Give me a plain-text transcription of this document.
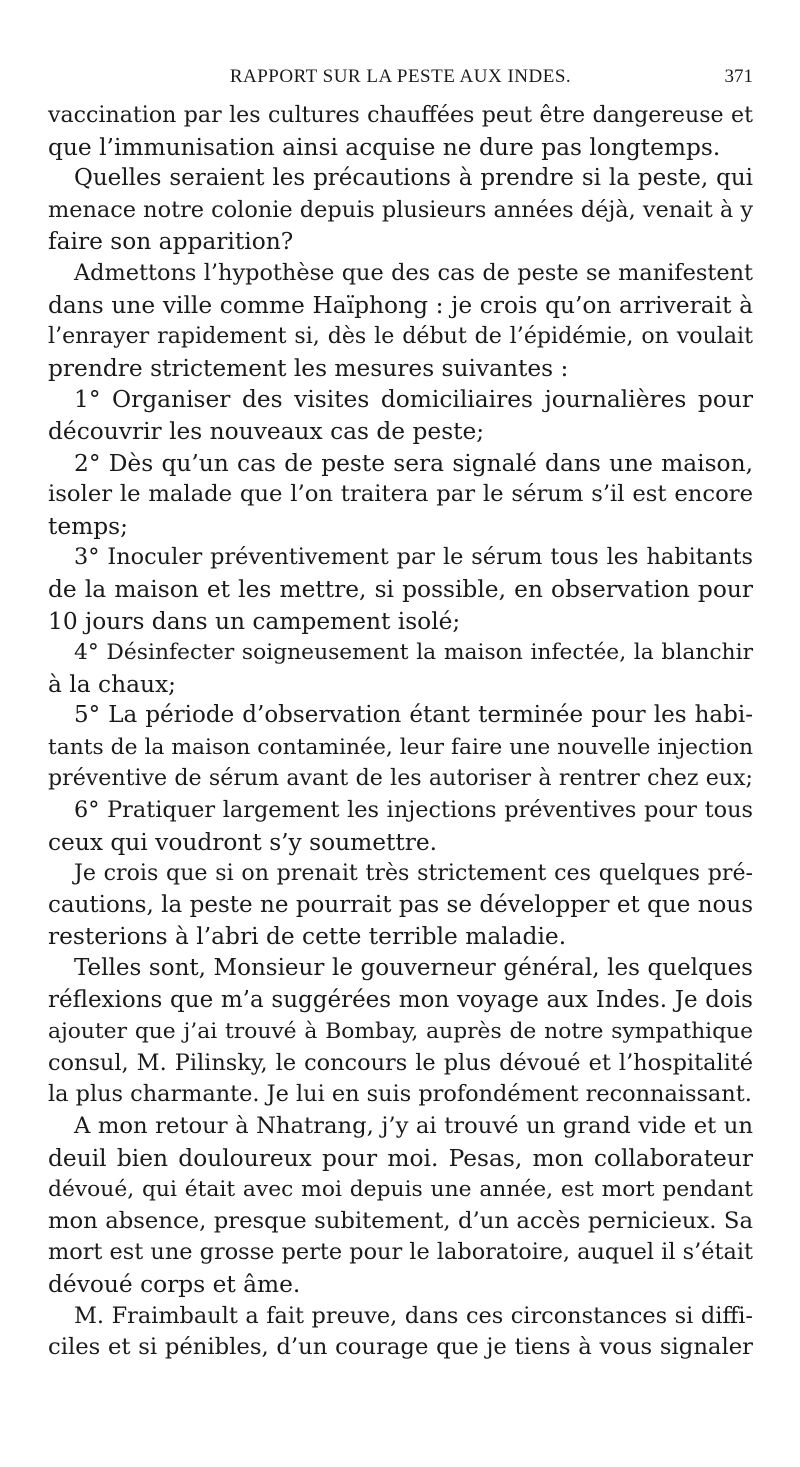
RAPPORT SUR LA PESTE AUX INDES.	371
vaccination par les cultures chauffées peut être dangereuse et
que l’immunisation ainsi acquise ne dure pas longtemps.
Quelles seraient les précautions à prendre si la peste, qui
menace notre colonie depuis plusieurs années déjà, venait à y
faire son apparition?
Admettons l’hypothèse que des cas de peste se manifestent
dans une ville comme Haïphong : je crois qu’on arriverait à
l’enrayer rapidement si, dès le début de l’épidémie, on voulait
prendre strictement les mesures suivantes :
1° Organiser des visites domiciliaires journalières pour
découvrir les nouveaux cas de peste;
2° Dès qu’un cas de peste sera signalé dans une maison,
isoler le malade que l’on traitera par le sérum s’il est encore
temps;
3° Inoculer préventivement par le sérum tous les habitants
de la maison et les mettre, si possible, en observation pour
10 jours dans un campement isolé;
4° Désinfecter soigneusement la maison infectée, la blanchir
à la chaux;
5° La période d’observation étant terminée pour les habi-
tants de la maison contaminée, leur faire une nouvelle injection
préventive de sérum avant de les autoriser à rentrer chez eux;
6° Pratiquer largement les injections préventives pour tous
ceux qui voudront s’y soumettre.
Je crois que si on prenait très strictement ces quelques pré-
cautions, la peste ne pourrait pas se développer et que nous
resterions à l’abri de cette terrible maladie.
Telles sont, Monsieur le gouverneur général, les quelques
réflexions que m’a suggérées mon voyage aux Indes. Je dois
ajouter que j’ai trouvé à Bombay, auprès de notre sympathique
consul, M. Pilinsky, le concours le plus dévoué et l’hospitalité
la plus charmante. Je lui en suis profondément reconnaissant.
A mon retour à Nhatrang, j’y ai trouvé un grand vide et un
deuil bien douloureux pour moi. Pesas, mon collaborateur
dévoué, qui était avec moi depuis une année, est mort pendant
mon absence, presque subitement, d’un accès pernicieux. Sa
mort est une grosse perte pour le laboratoire, auquel il s’était
dévoué corps et âme.
M. Fraimbault a fait preuve, dans ces circonstances si diffi-
ciles et si pénibles, d’un courage que je tiens à vous signaler
